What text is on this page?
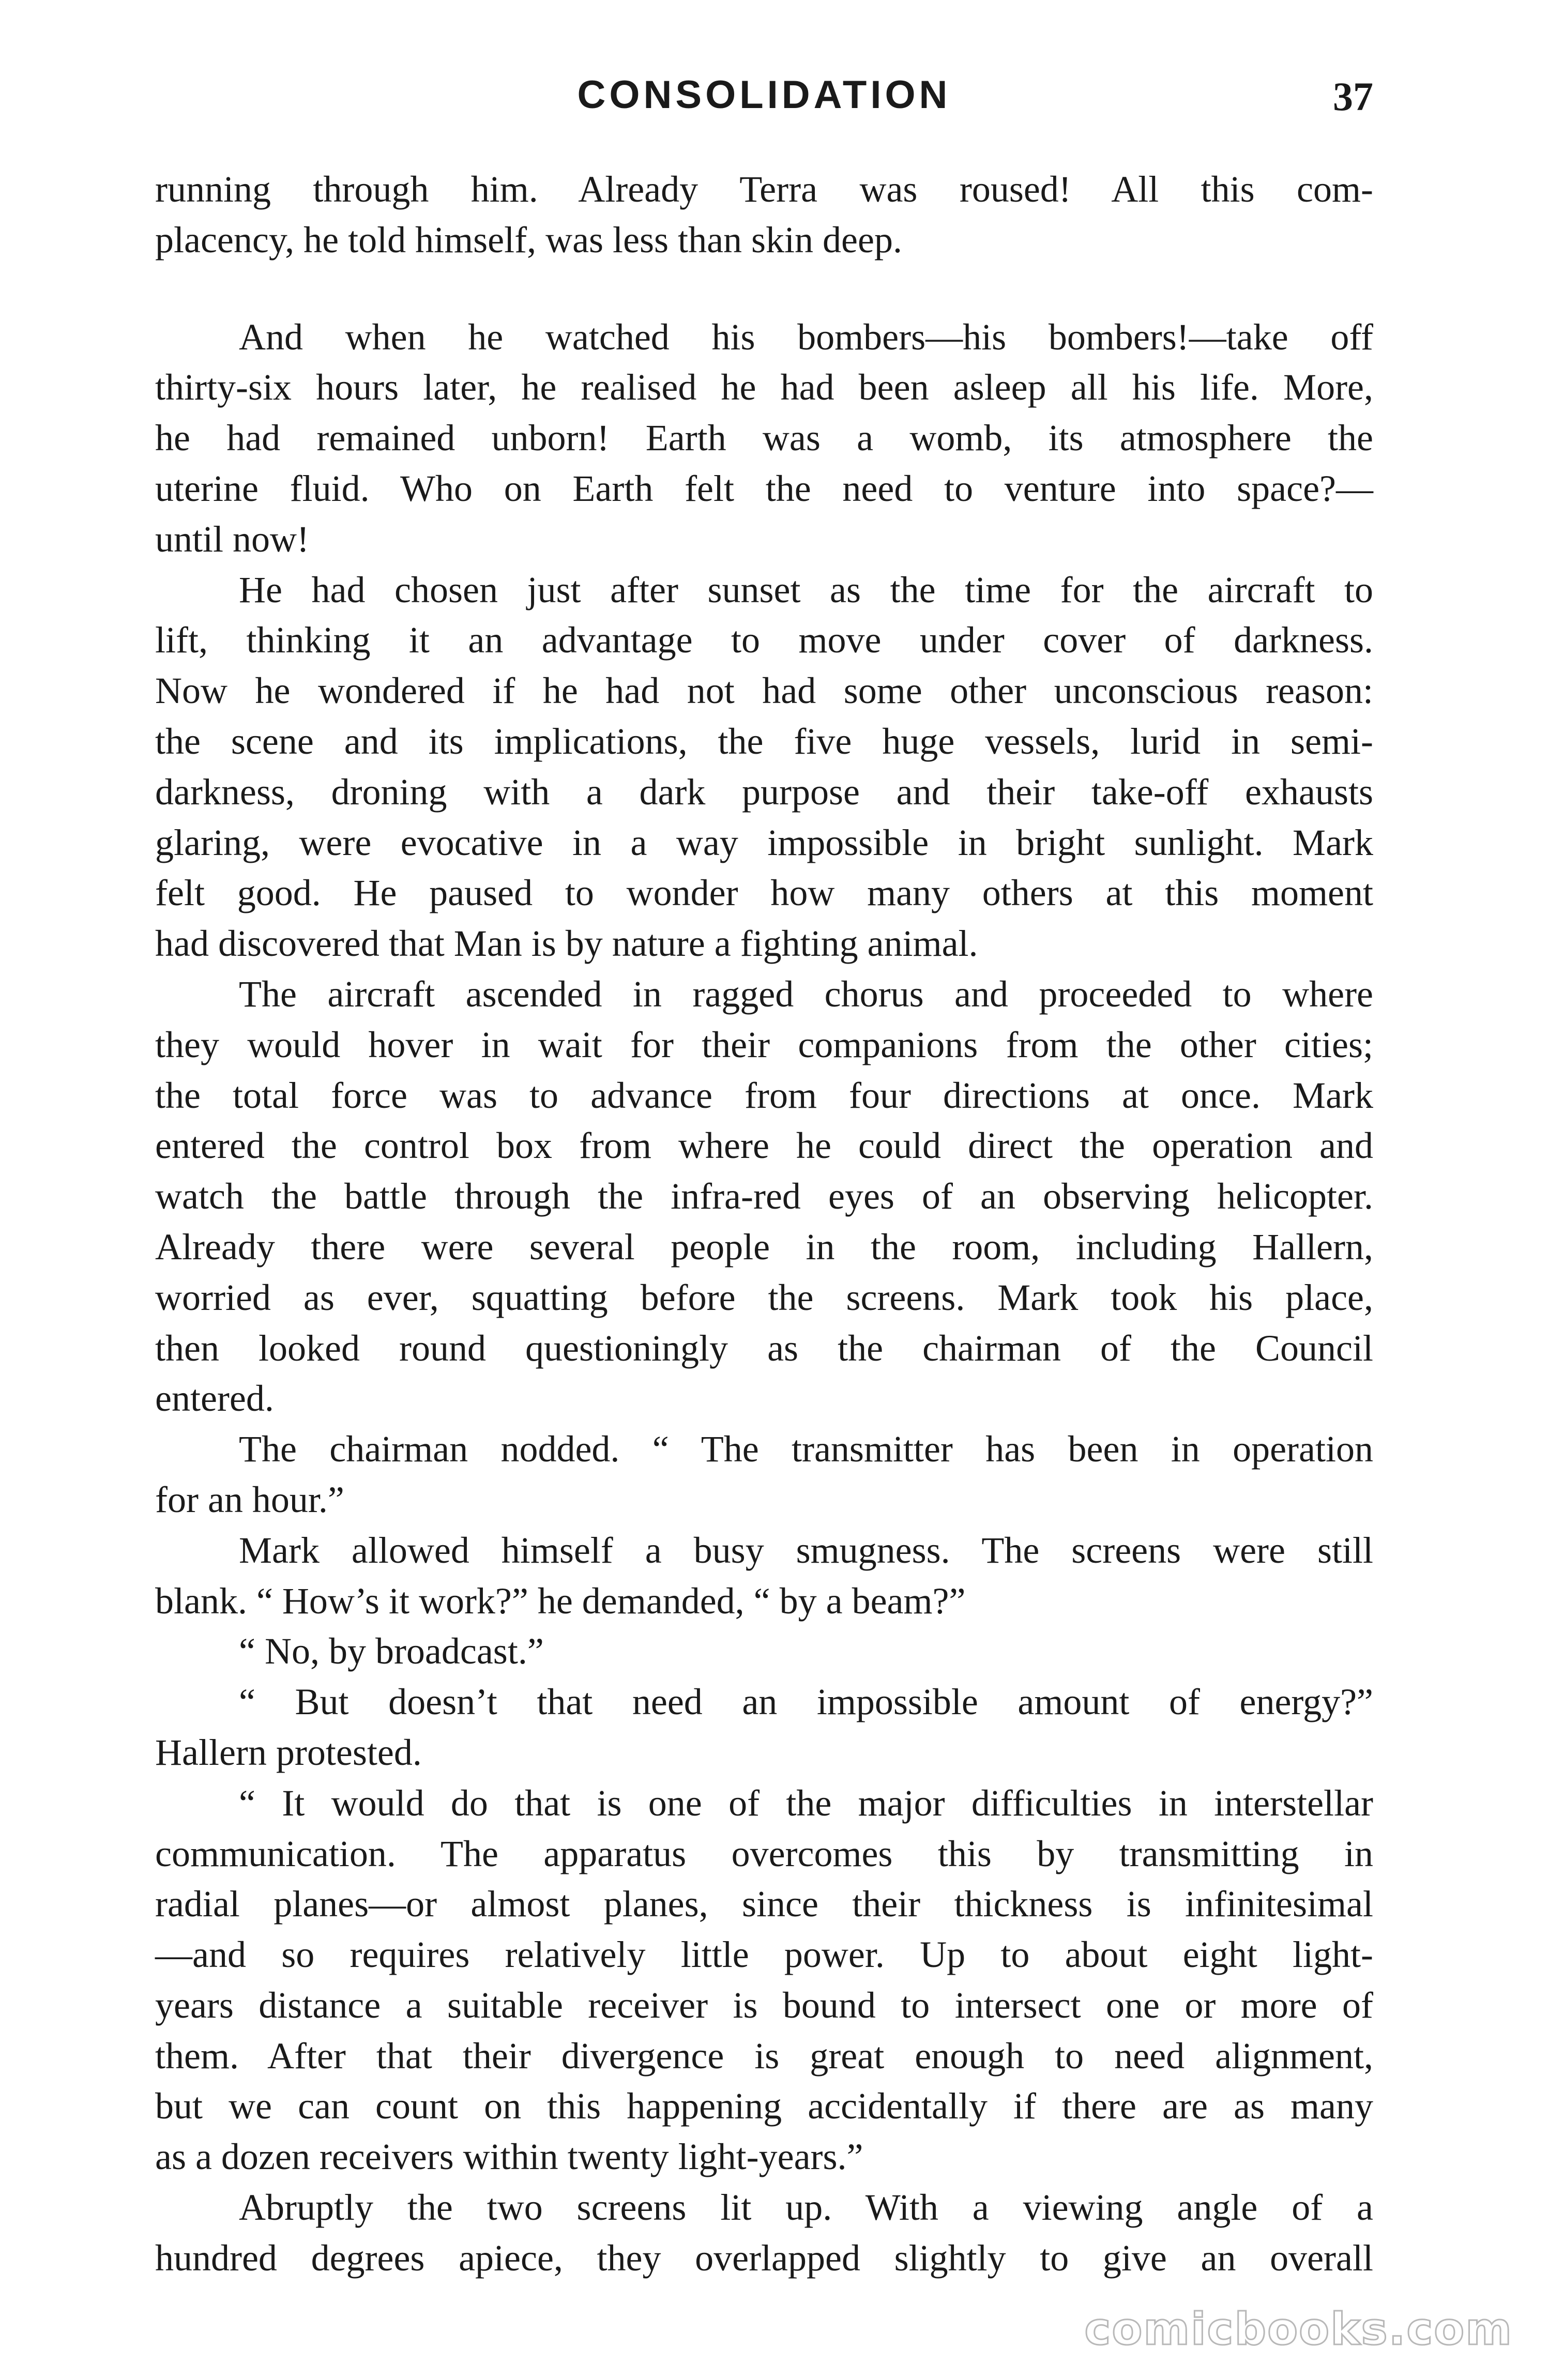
CONSOLIDATION	37
running through him. Already Terra was roused! All this com-
placency, he told himself, was less than skin deep.
And when he watched his bombers—his bombers!—take off
thirty-six hours later, he realised he had been asleep all his life. More,
he had remained unborn! Earth was a womb, its atmosphere the
uterine fluid. Who on Earth felt the need to venture into space?—
until now!
He had chosen just after sunset as the time for the aircraft to
lift, thinking it an advantage to move under cover of darkness.
Now he wondered if he had not had some other unconscious reason:
the scene and its implications, the five huge vessels, lurid in semi-
darkness, droning with a dark purpose and their take-off exhausts
glaring, were evocative in a way impossible in bright sunlight. Mark
felt good. He paused to wonder how many others at this moment
had discovered that Man is by nature a fighting animal.
The aircraft ascended in ragged chorus and proceeded to where
they would hover in wait for their companions from the other cities;
the total force was to advance from four directions at once. Mark
entered the control box from where he could direct the operation and
watch the battle through the infra-red eyes of an observing helicopter.
Already there were several people in the room, including Hallern,
worried as ever, squatting before the screens. Mark took his place,
then looked round questioningly as the chairman of the Council
entered.
The chairman nodded. “ The transmitter has been in operation
for an hour.”
Mark allowed himself a busy smugness. The screens were still
blank. “ How’s it work?” he demanded, “ by a beam?”
“ No, by broadcast.”
“ But doesn’t that need an impossible amount of energy?”
Hallern protested.
“ It would do that is one of the major difficulties in interstellar
communication. The apparatus overcomes this by transmitting in
radial planes—or almost planes, since their thickness is infinitesimal
—and so requires relatively little power. Up to about eight light-
years distance a suitable receiver is bound to intersect one or more of
them. After that their divergence is great enough to need alignment,
but we can count on this happening accidentally if there are as many
as a dozen receivers within twenty light-years.”
Abruptly the two screens lit up. With a viewing angle of a
hundred degrees apiece, they overlapped slightly to give an overall
comicbooks.com
